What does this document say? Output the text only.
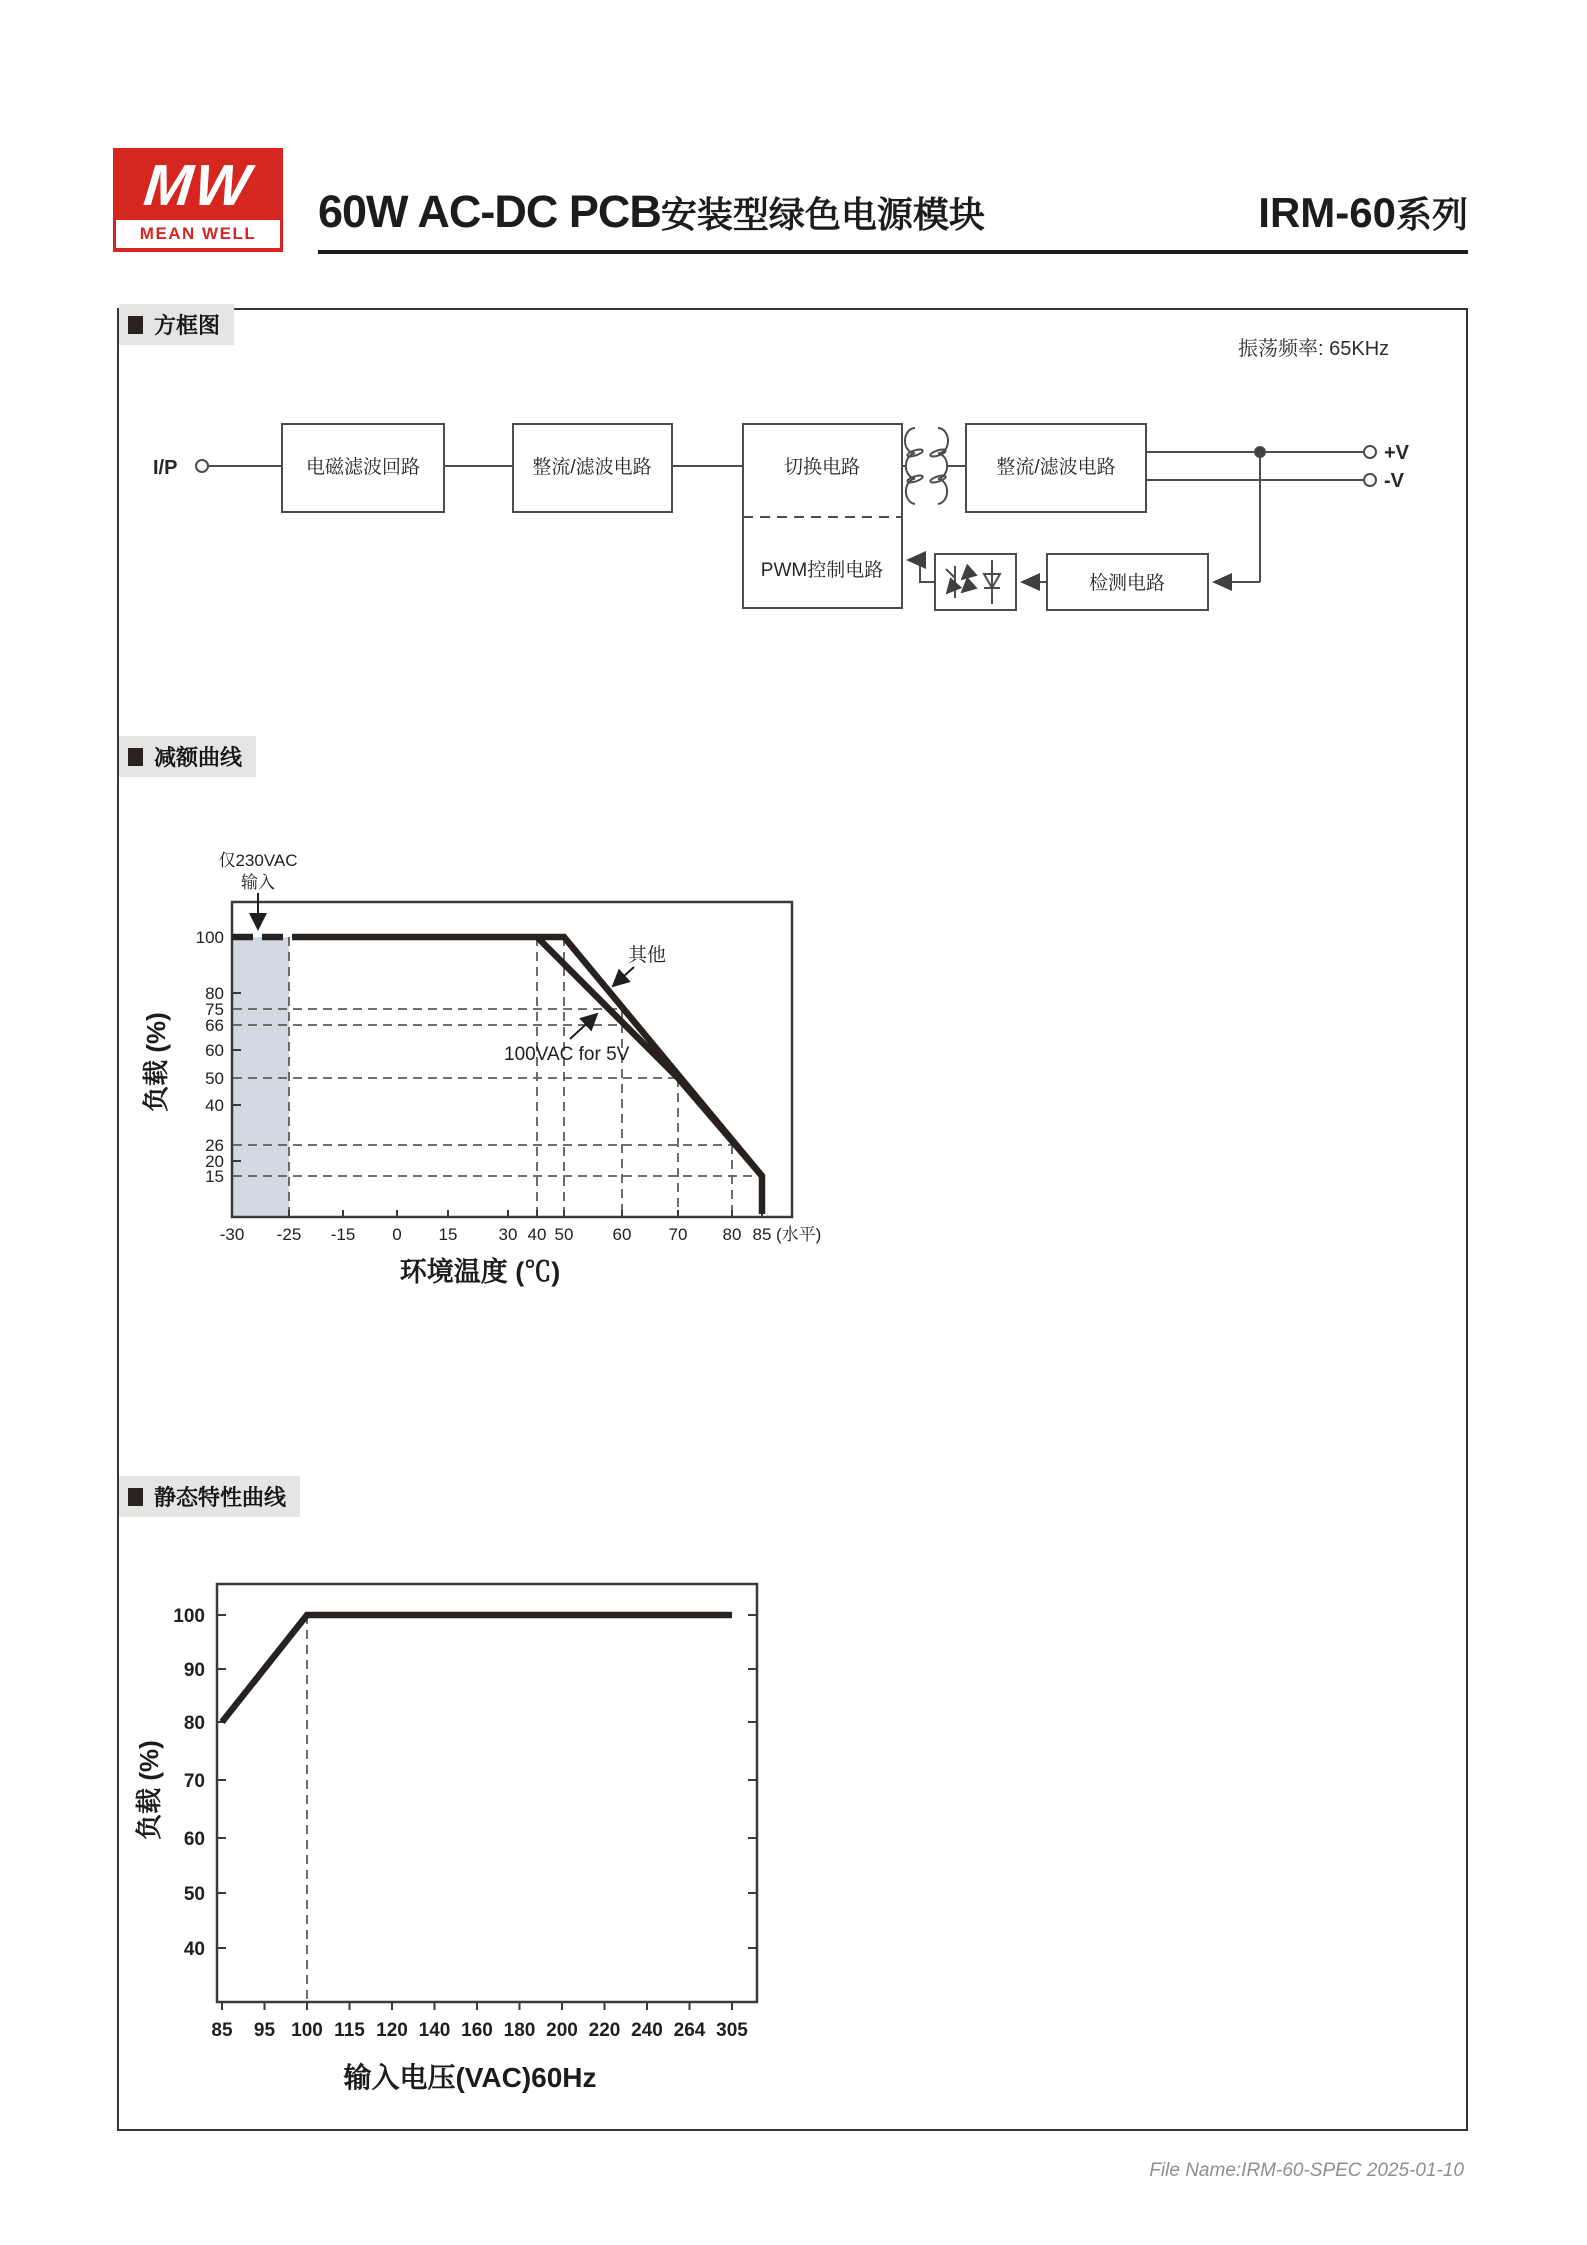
MW
MEAN WELL	60W AC-DC PCB 安装型绿色电源模块	IRM-60 系列
方框图
减额曲线
静态特性曲线
振荡频率: 65KHz
I/P	电磁滤波回路	整流/滤波电路	切换电路
PWM控制电路
整流/滤波电路
检测电路
+V
-V
-30 -25 -15 0 15 30 40 50 60 70 80 85
100
80
75
66
60
50
40
26
20
15
仅230VAC
输入
其他
100VAC for 5V
负载 (%)
环境温度 (℃)
(水平)
85 95 100 115 120 140 160 180 200 220 240 264 305
100
90
80
70
60
50
40
负载 (%)
输入电压(VAC)60Hz
File Name:IRM-60-SPEC 2025-01-10
